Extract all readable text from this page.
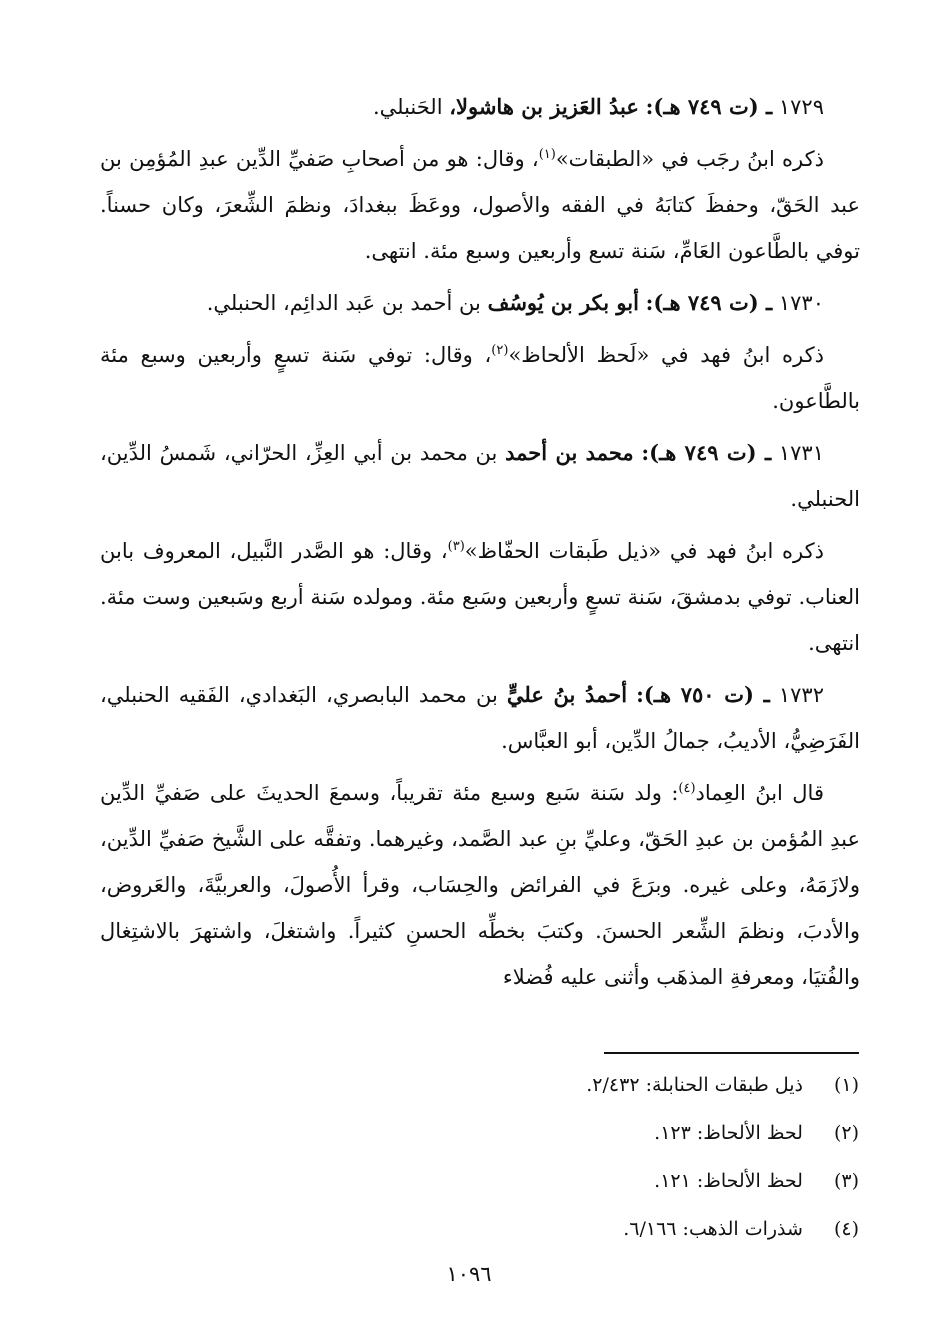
١٧٢٩ ـ (ت ٧٤٩ هـ): عبدُ العَزيز بن هاشولا، الحَنبلي.

ذكره ابنُ رجَب في «الطبقات»$^{(١)}$، وقال: هو من أصحابِ صَفيِّ الدِّين عبدِ المُؤمِن بن عبد الحَقّ، وحفظَ كتابَهُ في الفقه والأصول، ووعَظَ ببغدادَ، ونظمَ الشِّعرَ، وكان حسناً. توفي بالطَّاعون العَامِّ، سَنة تسع وأربعين وسبع مئة. انتهى.

١٧٣٠ ـ (ت ٧٤٩ هـ): أبو بكر بن يُوسُف بن أحمد بن عَبد الدائِم، الحنبلي.

ذكره ابنُ فهد في «لَحظ الألحاظ»$^{(٢)}$، وقال: توفي سَنة تسعٍ وأربعين وسبع مئة بالطَّاعون.

١٧٣١ ـ (ت ٧٤٩ هـ): محمد بن أحمد بن محمد بن أبي العِزِّ، الحرّاني، شَمسُ الدِّين، الحنبلي.

ذكره ابنُ فهد في «ذيل طَبقات الحفّاظ»$^{(٣)}$، وقال: هو الصَّدر النَّبيل، المعروف بابن العناب. توفي بدمشقَ، سَنة تسعٍ وأربعين وسَبع مئة. ومولده سَنة أربع وسَبعين وست مئة. انتهى.

١٧٣٢ ـ (ت ٧٥٠ هـ): أحمدُ بنُ عليٍّ بن محمد البابصري، البَغدادي، الفَقيه الحنبلي، الفَرَضِيُّ، الأديبُ، جمالُ الدِّين، أبو العبَّاس.

قال ابنُ العِماد$^{(٤)}$: ولد سَنة سَبع وسبع مئة تقريباً، وسمعَ الحديثَ على صَفيِّ الدِّين عبدِ المُؤمن بن عبدِ الحَقّ، وعليِّ بنِ عبد الصَّمد، وغيرهما. وتفقَّه على الشَّيخ صَفيِّ الدِّين، ولازَمَهُ، وعلى غيره. وبرَعَ في الفرائض والحِسَاب، وقرأ الأُصولَ، والعربيَّةَ، والعَروض، والأدبَ، ونظمَ الشِّعر الحسنَ. وكتبَ بخطِّه الحسنِ كثيراً. واشتغلَ، واشتهرَ بالاشتِغال والفُتيَا، ومعرفةِ المذهَب وأثنى عليه فُضلاء

(١) ذيل طبقات الحنابلة: ٢/٤٣٢.
(٢) لحظ الألحاظ: ١٢٣.
(٣) لحظ الألحاظ: ١٢١.
(٤) شذرات الذهب: ٦/١٦٦.
١٠٩٦
